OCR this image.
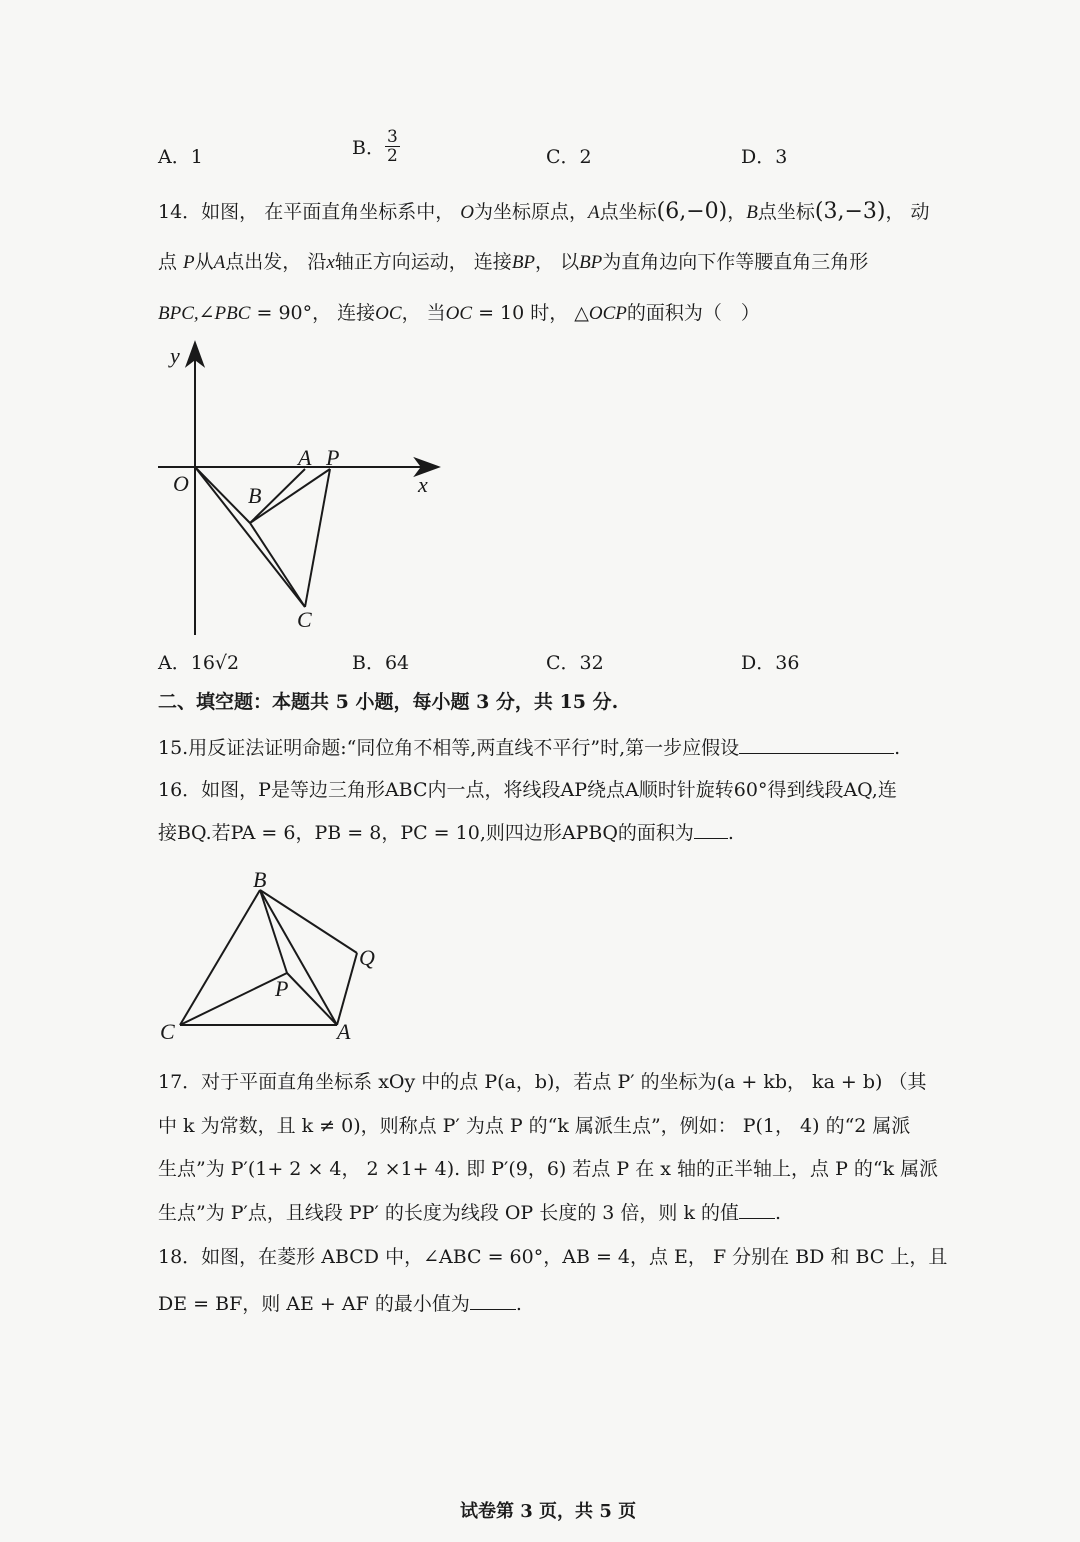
A．1	B． $\frac{3}{2}$	C．2	D．3
14．如图， 在平面直角坐标系中， O为坐标原点，A点坐标(6,−0)，B点坐标(3,−3)， 动
点 P从A点出发， 沿x轴正方向运动， 连接BP， 以BP为直角边向下作等腰直角三角形
BPC,∠PBC = 90°， 连接OC， 当OC = 10 时， △OCP的面积为（　）
y
x
O
A P
B
C
A．16√2	B．64	C．32	D．36
二、填空题：本题共 5 小题，每小题 3 分，共 15 分.
15.用反证法证明命题:“同位角不相等,两直线不平行”时,第一步应假设	.
16．如图，P是等边三角形ABC内一点，将线段AP绕点A顺时针旋转60°得到线段AQ,连
接BQ.若PA = 6，PB = 8，PC = 10,则四边形APBQ的面积为 .
B
Q
P
C	A
17．对于平面直角坐标系 xOy 中的点 P(a，b)，若点 P′ 的坐标为(a + kb， ka + b) （其
中 k 为常数，且 k ≠ 0)，则称点 P′ 为点 P 的“k 属派生点”，例如： P(1， 4) 的“2 属派
生点”为 P′(1+ 2 × 4， 2 ×1+ 4). 即 P′(9，6) 若点 P 在 x 轴的正半轴上，点 P 的“k 属派
生点”为 P′点，且线段 PP′ 的长度为线段 OP 长度的 3 倍，则 k 的值 .
18．如图，在菱形 ABCD 中，∠ABC = 60°，AB = 4，点 E， F 分别在 BD 和 BC 上，且
DE = BF，则 AE + AF 的最小值为 .
试卷第 3 页，共 5 页
